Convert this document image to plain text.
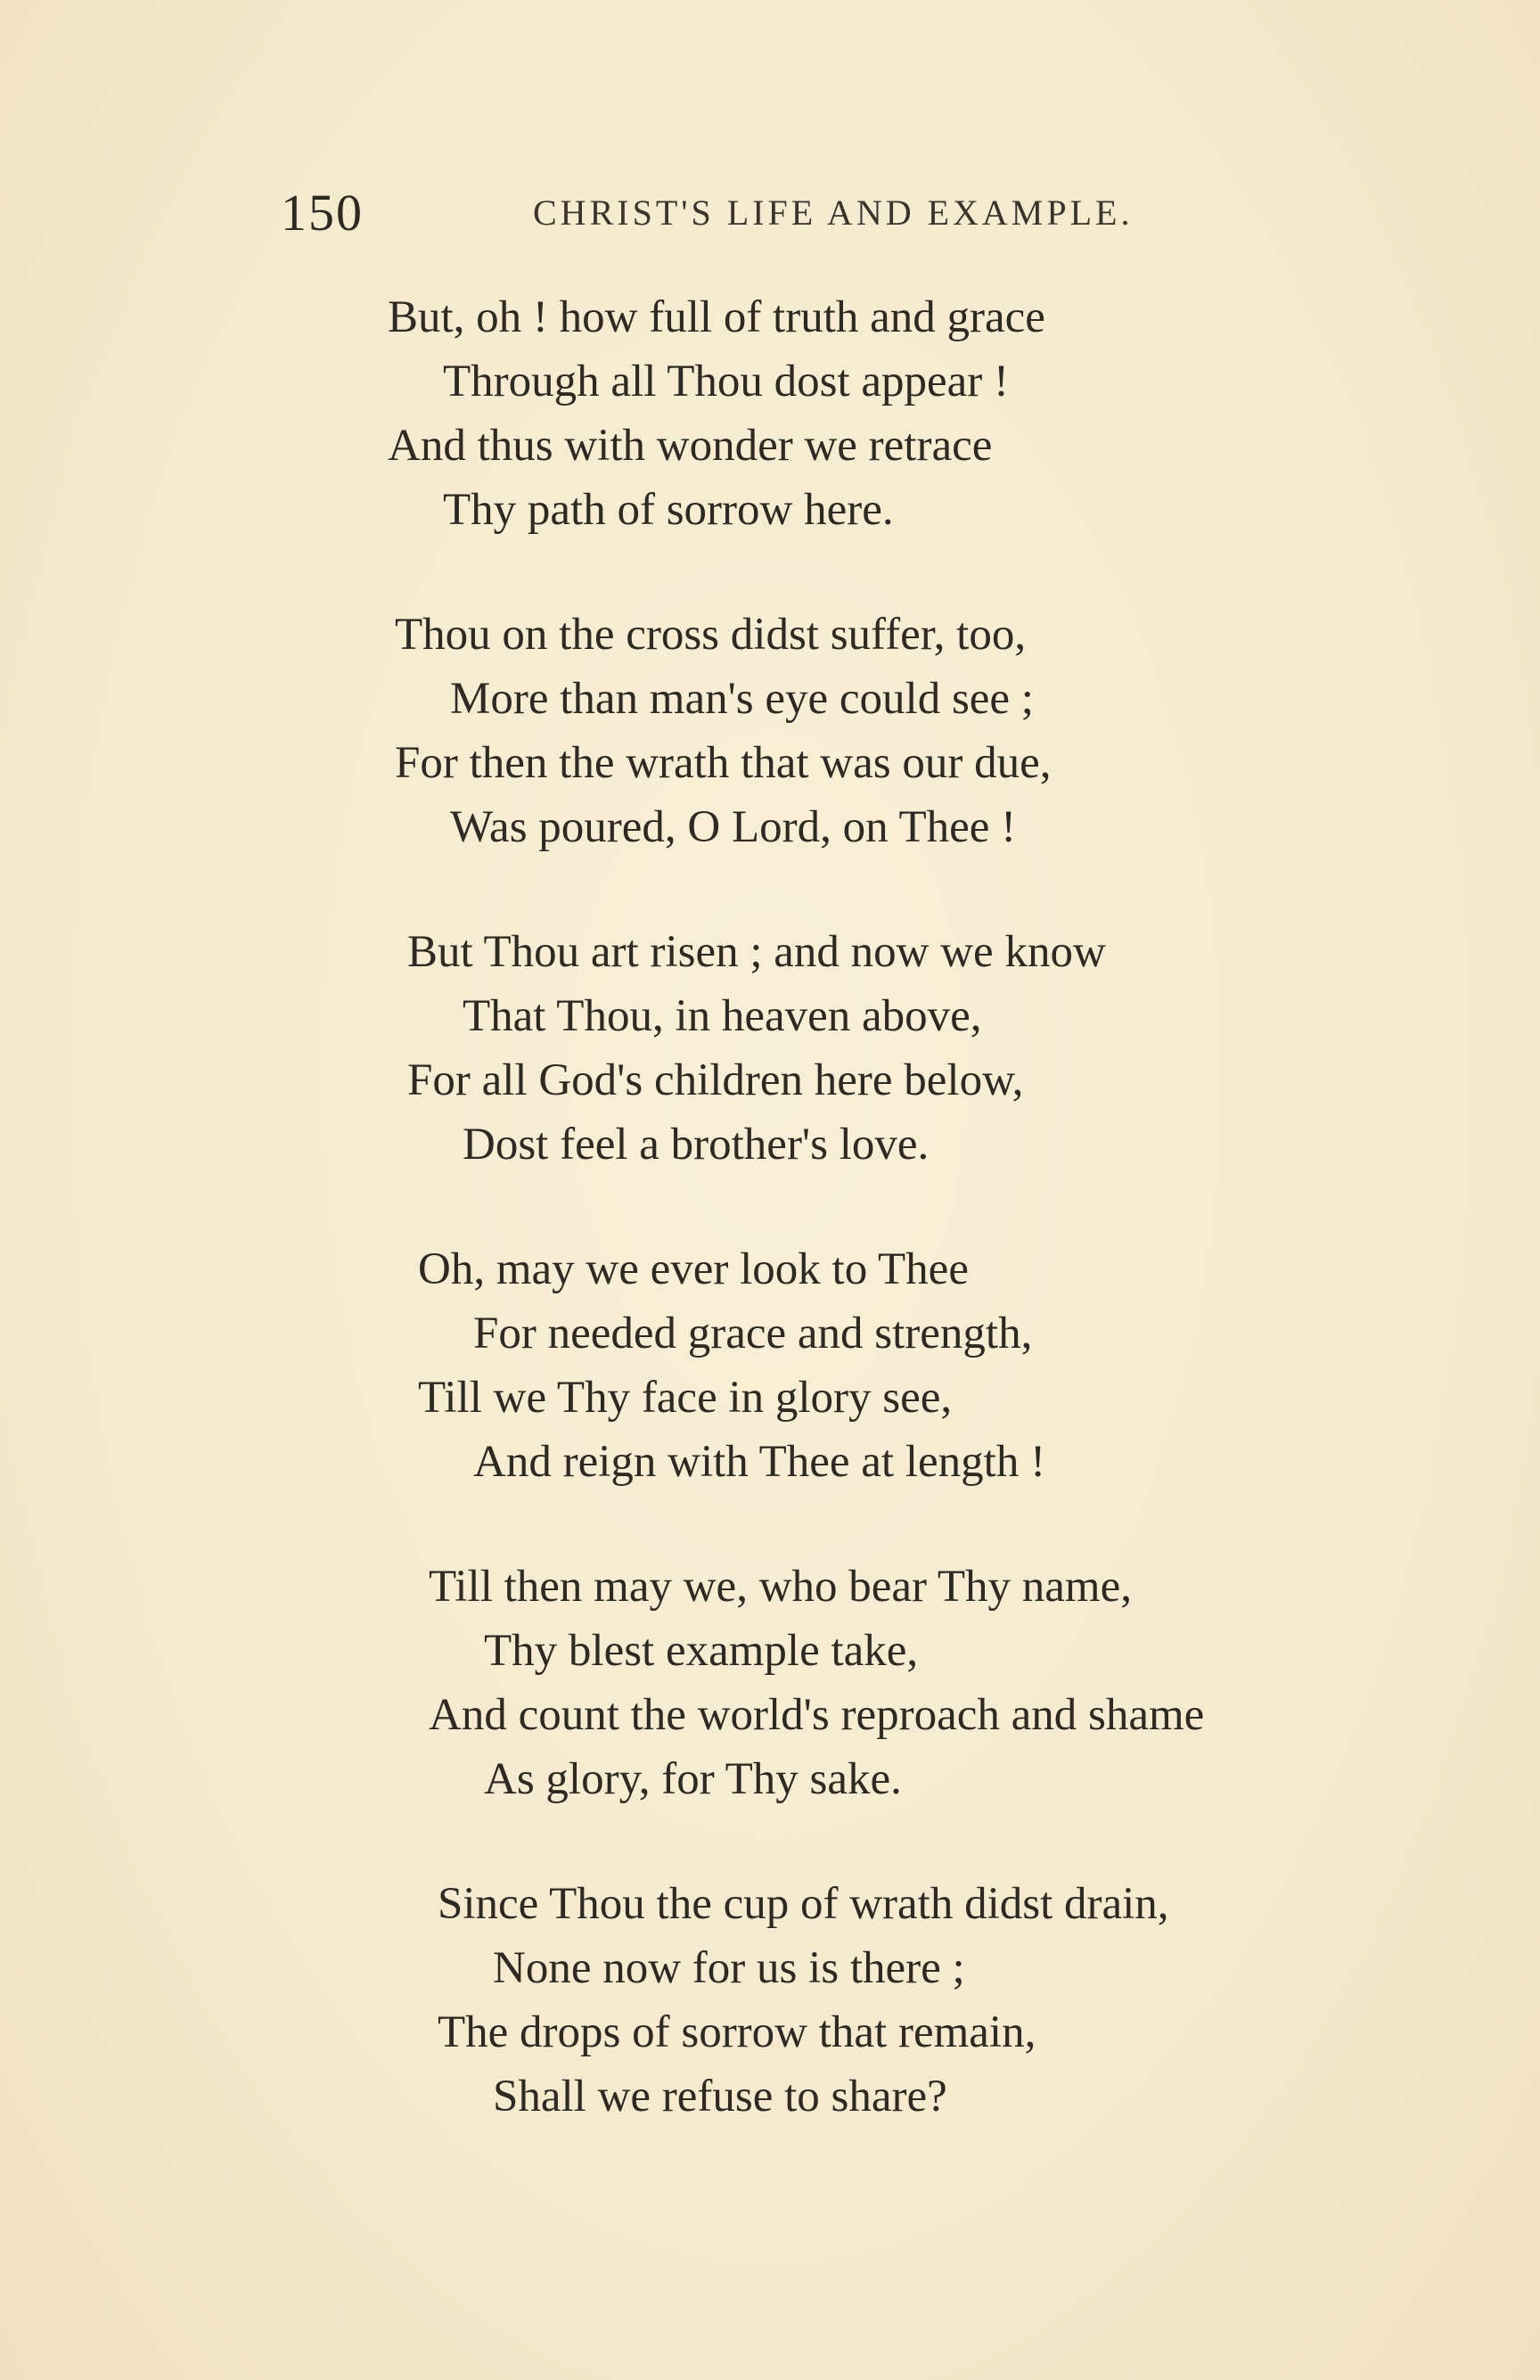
150	CHRIST'S LIFE AND EXAMPLE.
But, oh ! how full of truth and grace
Through all Thou dost appear !
And thus with wonder we retrace
Thy path of sorrow here.
Thou on the cross didst suffer, too,
More than man's eye could see ;
For then the wrath that was our due,
Was poured, O Lord, on Thee !
But Thou art risen ; and now we know
That Thou, in heaven above,
For all God's children here below,
Dost feel a brother's love.
Oh, may we ever look to Thee
For needed grace and strength,
Till we Thy face in glory see,
And reign with Thee at length !
Till then may we, who bear Thy name,
Thy blest example take,
And count the world's reproach and shame
As glory, for Thy sake.
Since Thou the cup of wrath didst drain,
None now for us is there ;
The drops of sorrow that remain,
Shall we refuse to share?
